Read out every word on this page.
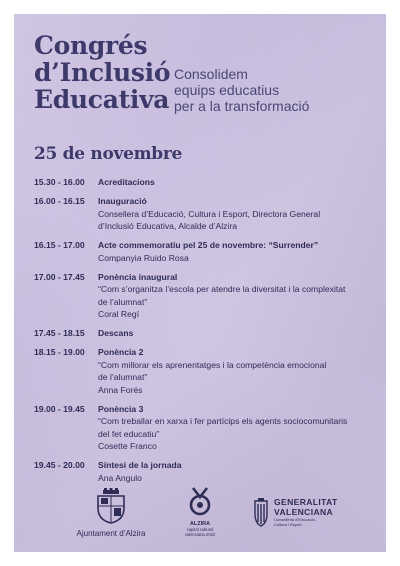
Congrés
d’Inclusió
Educativa
Consolidem
equips educatius
per a la transformació
25 de novembre
15.30 - 16.00	Acreditacions
16.00 - 16.15	Inauguració
Consellera d’Educació, Cultura i Esport, Directora General
d’Inclusió Educativa, Alcalde d’Alzira
16.15 - 17.00	Acte commemoratiu pel 25 de novembre: “Surrender”
Companyia Ruido Rosa
17.00 - 17.45	Ponència inaugural
“Com s’organitza l’escola per atendre la diversitat i la complexitat
de l’alumnat”
Coral Regí
17.45 - 18.15	Descans
18.15 - 19.00	Ponència 2
“Com millorar els aprenentatges i la competència emocional
de l’alumnat”
Anna Forés
19.00 - 19.45	Ponència 3
“Com treballar en xarxa i fer partícips els agents sociocomunitaris
del fet educatiu”
Cosette Franco
19.45 - 20.00	Síntesi de la jornada
Ana Angulo
Ajuntament d’Alzira
ALZIRA
capital cultural
valenciana 2022
GENERALITAT
VALENCIANA
Conselleria d’Educació,
Cultura i Esport
